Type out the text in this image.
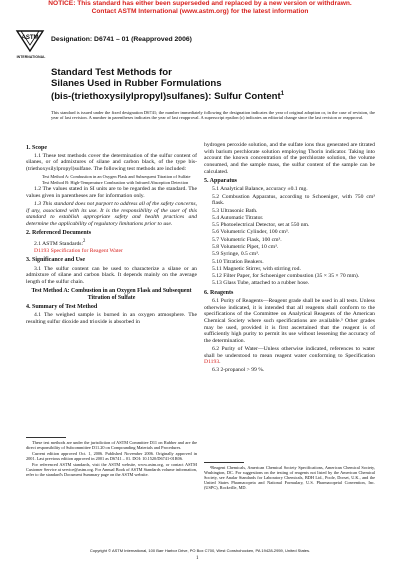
NOTICE: This standard has either been superseded and replaced by a new version or withdrawn.
Contact ASTM International (www.astm.org) for the latest information
ASTM
INTERNATIONAL
Designation: D6741 – 01 (Reapproved 2006)
Standard Test Methods for
Silanes Used in Rubber Formulations
(bis-(triethoxysilylpropyl)sulfanes): Sulfur Content$^1$
This standard is issued under the fixed designation D6741; the number immediately following the designation indicates the year of original adoption or, in the case of revision, the year of last revision. A number in parentheses indicates the year of last reapproval. A superscript epsilon (ε) indicates an editorial change since the last revision or reapproval.
1. Scope

1.1 These test methods cover the determination of the sulfur content of silanes, or of admixtures of silane and carbon black, of the type bis-(triethoxysilylpropyl)sulfane. The following test methods are included:

Test Method A: Combustion in an Oxygen Flask and Subsequent Titration of Sulfate

Test Method B: High-Temperature Combustion with Infrared Absorption Detection

1.2 The values stated in SI units are to be regarded as the standard. The values given in parentheses are for information only.

1.3 This standard does not purport to address all of the safety concerns, if any, associated with its use. It is the responsibility of the user of this standard to establish appropriate safety and health practices and determine the applicability of regulatory limitations prior to use.

2. Referenced Documents

2.1 ASTM Standards:$^2$

D1193 Specification for Reagent Water

3. Significance and Use

3.1 The sulfur content can be used to characterize a silane or an admixture of silane and carbon black. It depends mainly on the average length of the sulfur chain.

Test Method A: Combustion in an Oxygen Flask and Subsequent Titration of Sulfate
4. Summary of Test Method

4.1 The weighed sample is burned in an oxygen atmosphere. The resulting sulfur dioxide and trioxide is absorbed in

These test methods are under the jurisdiction of ASTM Committee D11 on Rubber and are the direct responsibility of Subcommittee D11.20 on Compounding Materials and Procedures.

Current edition approved Oct. 1, 2006. Published November 2006. Originally approved in 2001. Last previous edition approved in 2001 as D6741 – 01. DOI: 10.1520/D6741-01R06.

For referenced ASTM standards, visit the ASTM website, www.astm.org, or contact ASTM Customer Service at service@astm.org. For Annual Book of ASTM Standards volume information, refer to the standard's Document Summary page on the ASTM website.

hydrogen peroxide solution, and the sulfate ions thus generated are titrated with barium perchlorate solution employing Thorin indicator. Taking into account the known concentration of the perchlorate solution, the volume consumed, and the sample mass, the sulfur content of the sample can be calculated.

5. Apparatus

5.1 Analytical Balance, accuracy ±0.1 mg.

5.2 Combustion Apparatus, according to Schoeniger, with 750 cm³ flask.

5.3 Ultrasonic Bath.

5.4 Automatic Titrator.

5.5 Photoelectrical Detector, set at 550 nm.

5.6 Volumetric Cylinder, 100 cm³.

5.7 Volumetric Flask, 100 cm³.

5.8 Volumetric Pipet, 10 cm³.

5.9 Syringe, 0.5 cm³.

5.10 Titration Beakers.

5.11 Magnetic Stirrer, with stirring rod.

5.12 Filter Paper, for Schoeniger combustion (35 × 35 × 70 mm).

5.13 Glass Tube, attached to a rubber hose.

6. Reagents

6.1 Purity of Reagents—Reagent grade shall be used in all tests. Unless otherwise indicated, it is intended that all reagents shall conform to the specifications of the Committee on Analytical Reagents of the American Chemical Society where such specifications are available.³ Other grades may be used, provided it is first ascertained that the reagent is of sufficiently high purity to permit its use without lessening the accuracy of the determination.

6.2 Purity of Water—Unless otherwise indicated, references to water shall be understood to mean reagent water conforming to Specification D1193.

6.3 2-propanol > 99 %.

³Reagent Chemicals, American Chemical Society Specifications, American Chemical Society, Washington, DC. For suggestions on the testing of reagents not listed by the American Chemical Society, see Analar Standards for Laboratory Chemicals, BDH Ltd., Poole, Dorset, U.K., and the United States Pharmacopeia and National Formulary, U.S. Pharmacopeial Convention, Inc. (USPC), Rockville, MD.

Copyright © ASTM International, 100 Barr Harbor Drive, PO Box C700, West Conshohocken, PA 19428-2959, United States.
1
